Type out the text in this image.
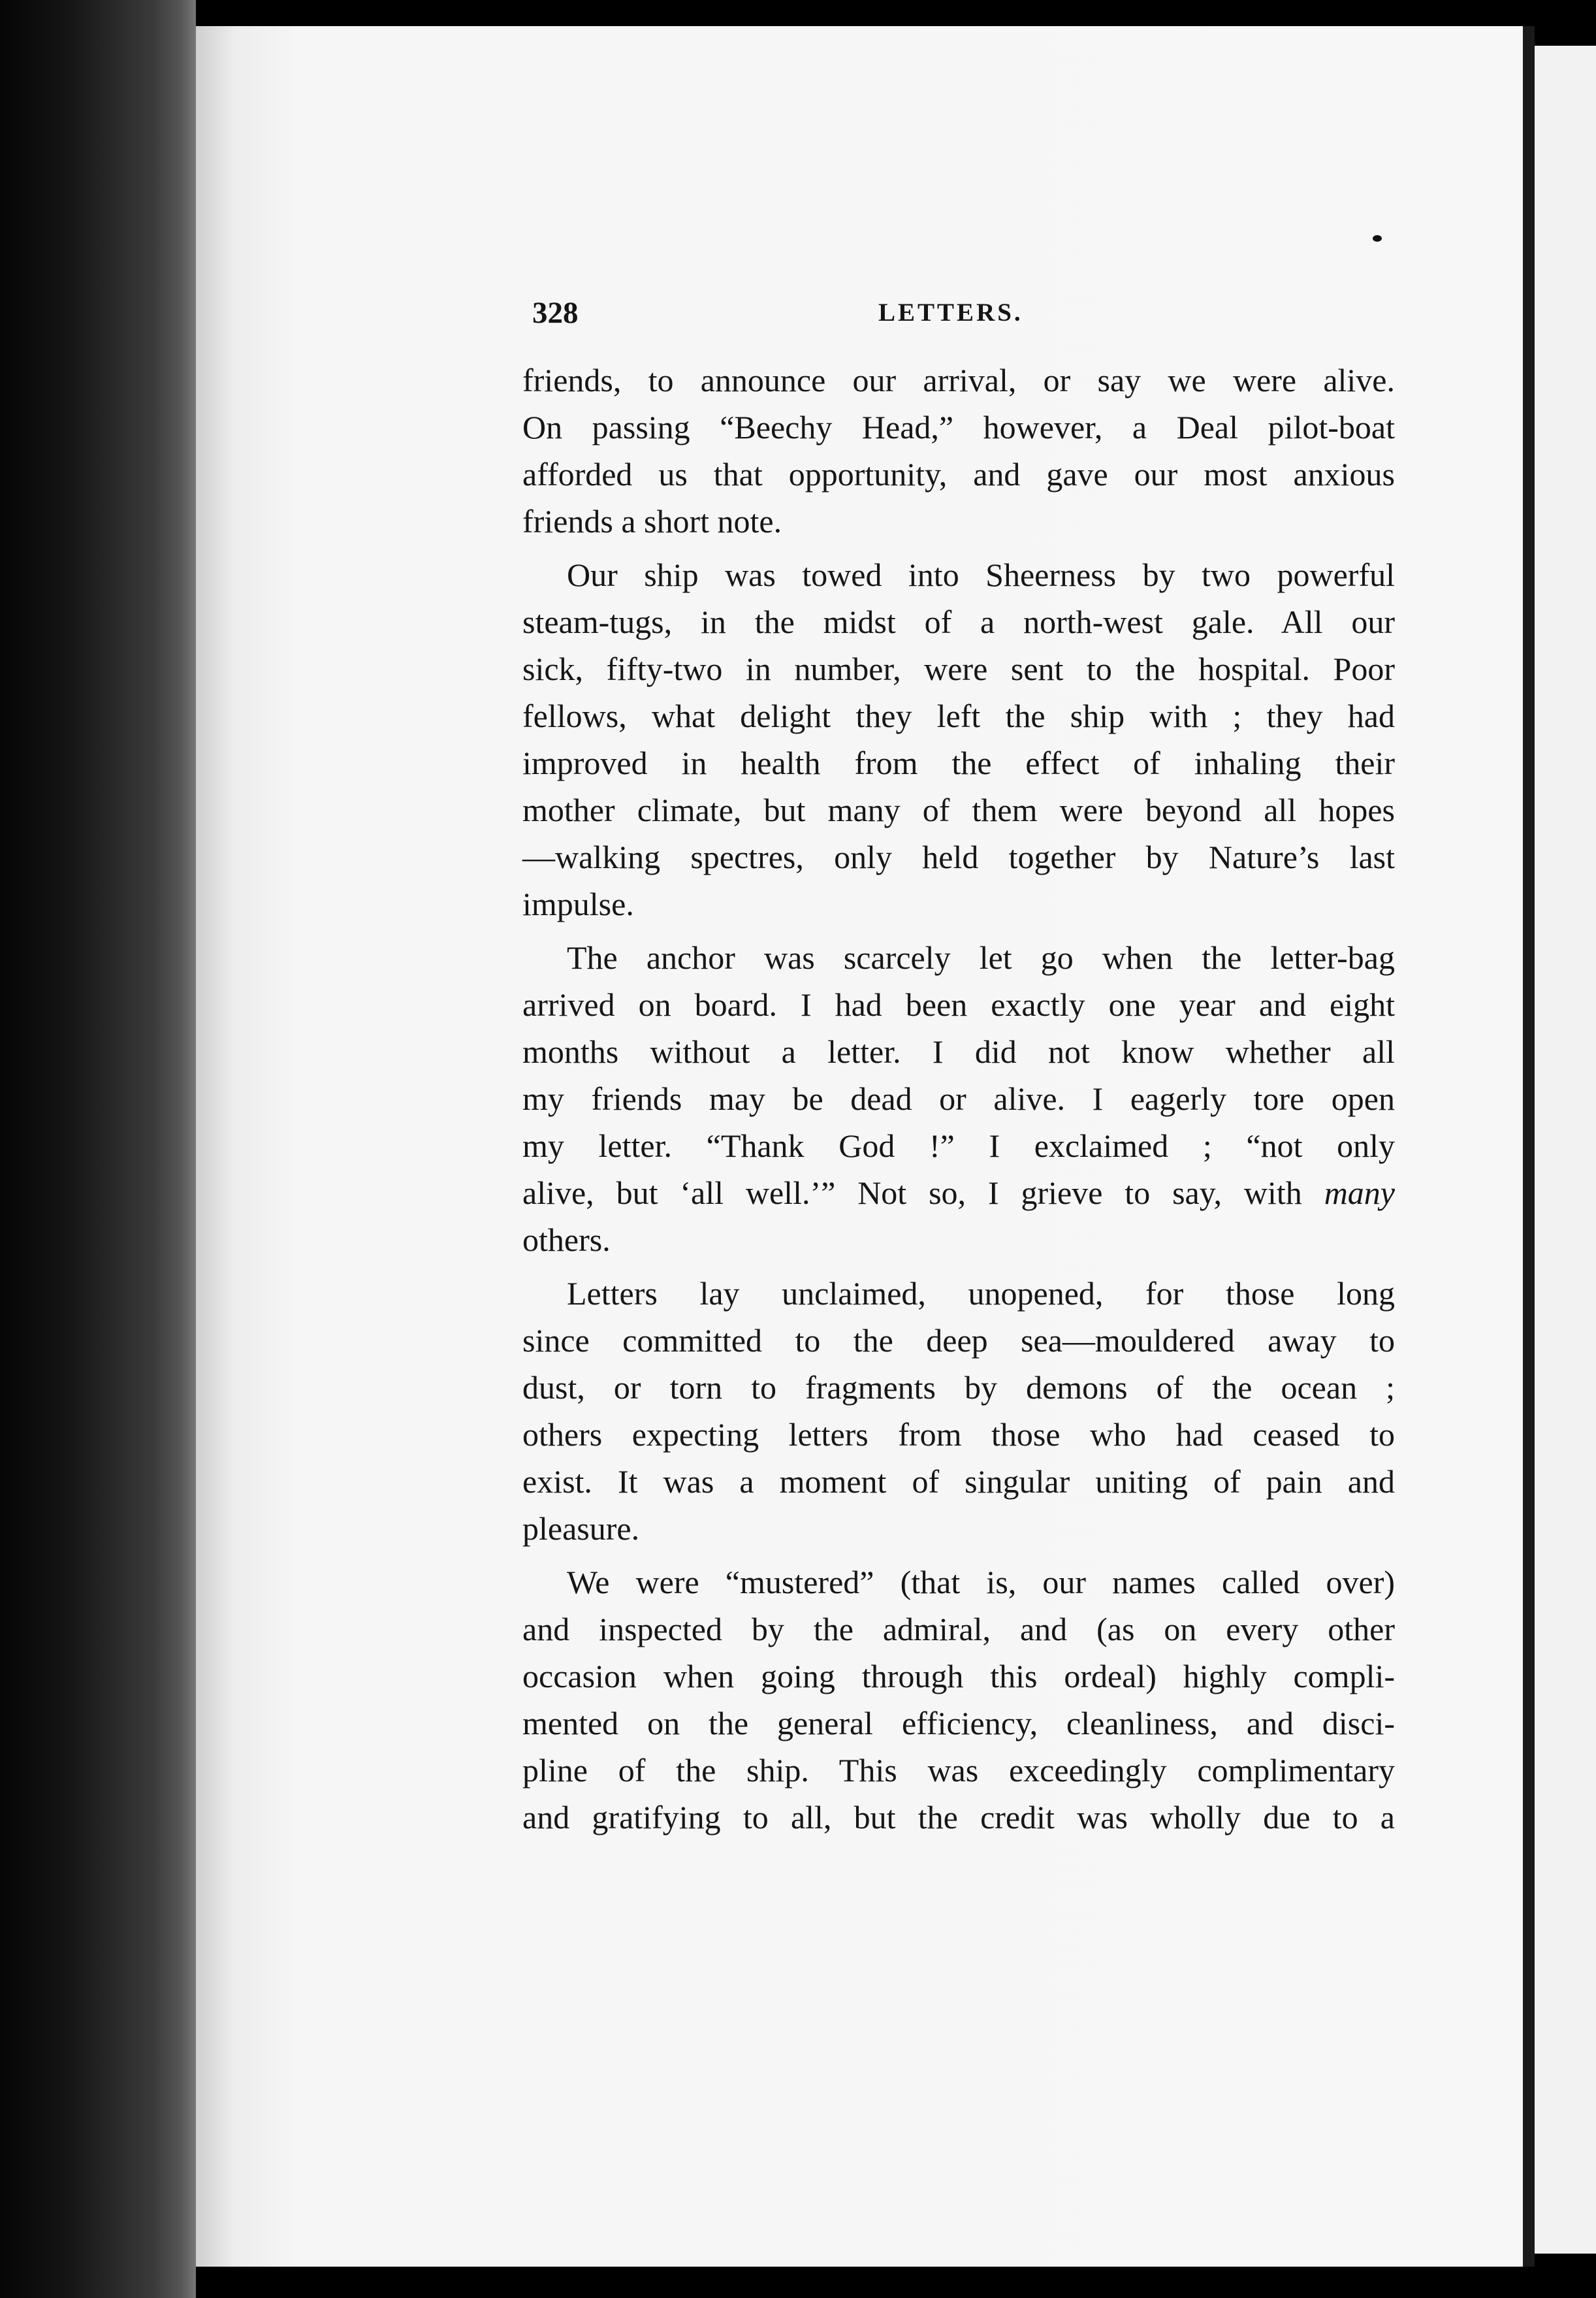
328	LETTERS.
friends, to announce our arrival, or say we were alive.
On passing “Beechy Head,” however, a Deal pilot-boat
afforded us that opportunity, and gave our most anxious
friends a short note.
Our ship was towed into Sheerness by two powerful
steam-tugs, in the midst of a north-west gale. All our
sick, fifty-two in number, were sent to the hospital. Poor
fellows, what delight they left the ship with ; they had
improved in health from the effect of inhaling their
mother climate, but many of them were beyond all hopes
—walking spectres, only held together by Nature’s last
impulse.
The anchor was scarcely let go when the letter-bag
arrived on board. I had been exactly one year and eight
months without a letter. I did not know whether all
my friends may be dead or alive. I eagerly tore open
my letter. “Thank God !” I exclaimed ; “not only
alive, but ‘all well.’” Not so, I grieve to say, with many
others.
Letters lay unclaimed, unopened, for those long
since committed to the deep sea—mouldered away to
dust, or torn to fragments by demons of the ocean ;
others expecting letters from those who had ceased to
exist. It was a moment of singular uniting of pain and
pleasure.
We were “mustered” (that is, our names called over)
and inspected by the admiral, and (as on every other
occasion when going through this ordeal) highly compli-
mented on the general efficiency, cleanliness, and disci-
pline of the ship. This was exceedingly complimentary
and gratifying to all, but the credit was wholly due to a
